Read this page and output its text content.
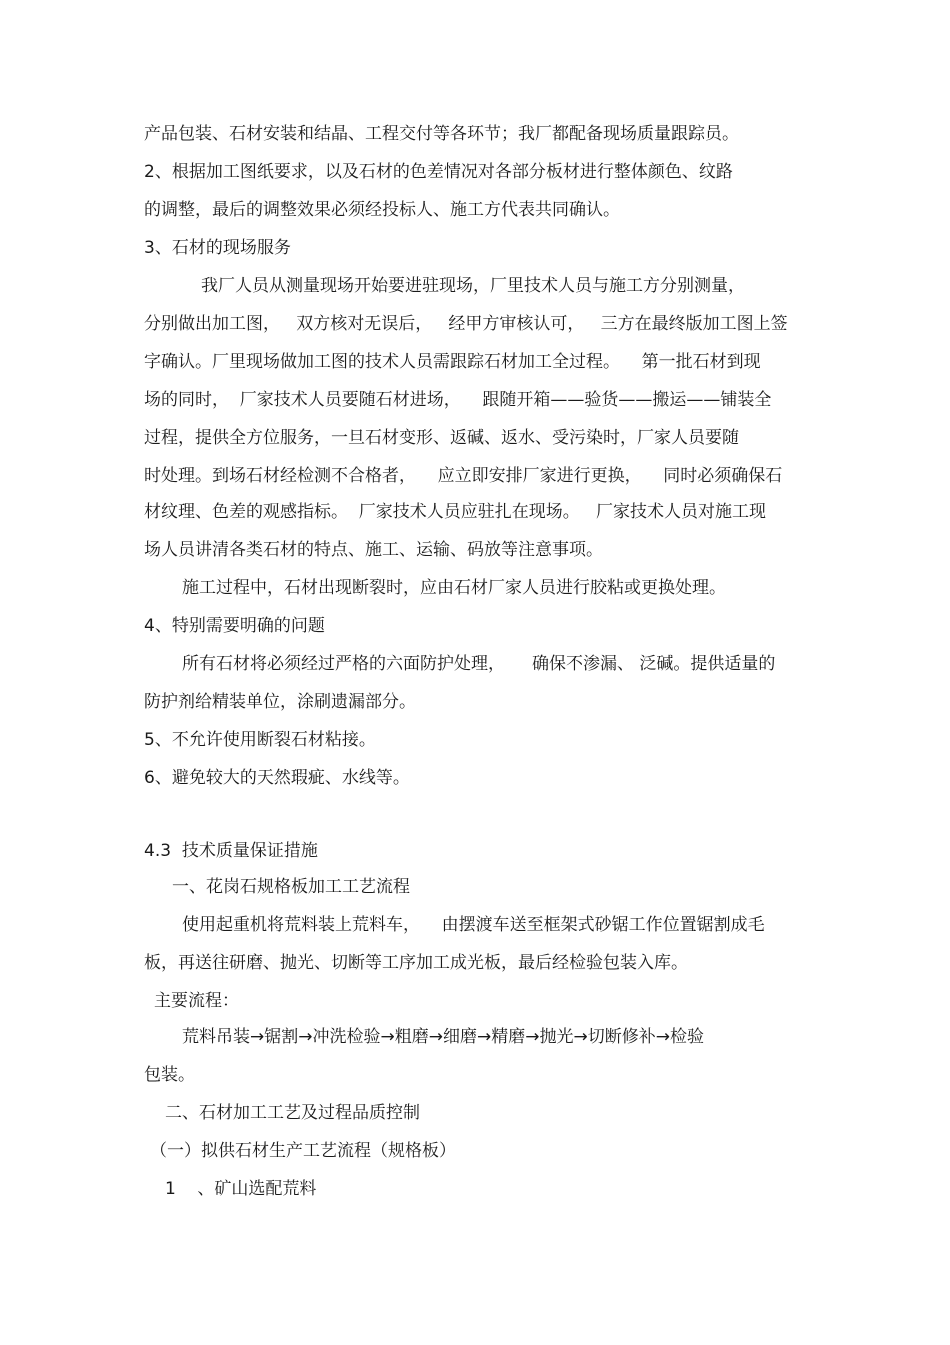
产品包装、石材安装和结晶、工程交付等各环节；我厂都配备现场质量跟踪员。

2、根据加工图纸要求，以及石材的色差情况对各部分板材进行整体颜色、纹路

的调整，最后的调整效果必须经投标人、施工方代表共同确认。

3、石材的现场服务

我厂人员从测量现场开始要进驻现场，厂里技术人员与施工方分别测量，

分别做出加工图，   双方核对无误后，   经甲方审核认可，   三方在最终版加工图上签

字确认。厂里现场做加工图的技术人员需跟踪石材加工全过程。    第一批石材到现

场的同时，  厂家技术人员要随石材进场，    跟随开箱——验货——搬运——铺装全

过程，提供全方位服务，一旦石材变形、返碱、返水、受污染时，厂家人员要随

时处理。到场石材经检测不合格者，    应立即安排厂家进行更换，    同时必须确保石

材纹理、色差的观感指标。  厂家技术人员应驻扎在现场。   厂家技术人员对施工现

场人员讲清各类石材的特点、施工、运输、码放等注意事项。

施工过程中，石材出现断裂时，应由石材厂家人员进行胶粘或更换处理。

4、特别需要明确的问题

所有石材将必须经过严格的六面防护处理，     确保不渗漏、 泛碱。提供适量的

防护剂给精装单位，涂刷遗漏部分。

5、不允许使用断裂石材粘接。

6、避免较大的天然瑕疵、水线等。

4.3  技术质量保证措施

一、花岗石规格板加工工艺流程

使用起重机将荒料装上荒料车，    由摆渡车送至框架式砂锯工作位置锯割成毛

板，再送往研磨、抛光、切断等工序加工成光板，最后经检验包装入库。

主要流程：

荒料吊装→锯割→冲洗检验→粗磨→细磨→精磨→抛光→切断修补→检验

包装。

二、石材加工工艺及过程品质控制

（一）拟供石材生产工艺流程（规格板）

1    、矿山选配荒料
